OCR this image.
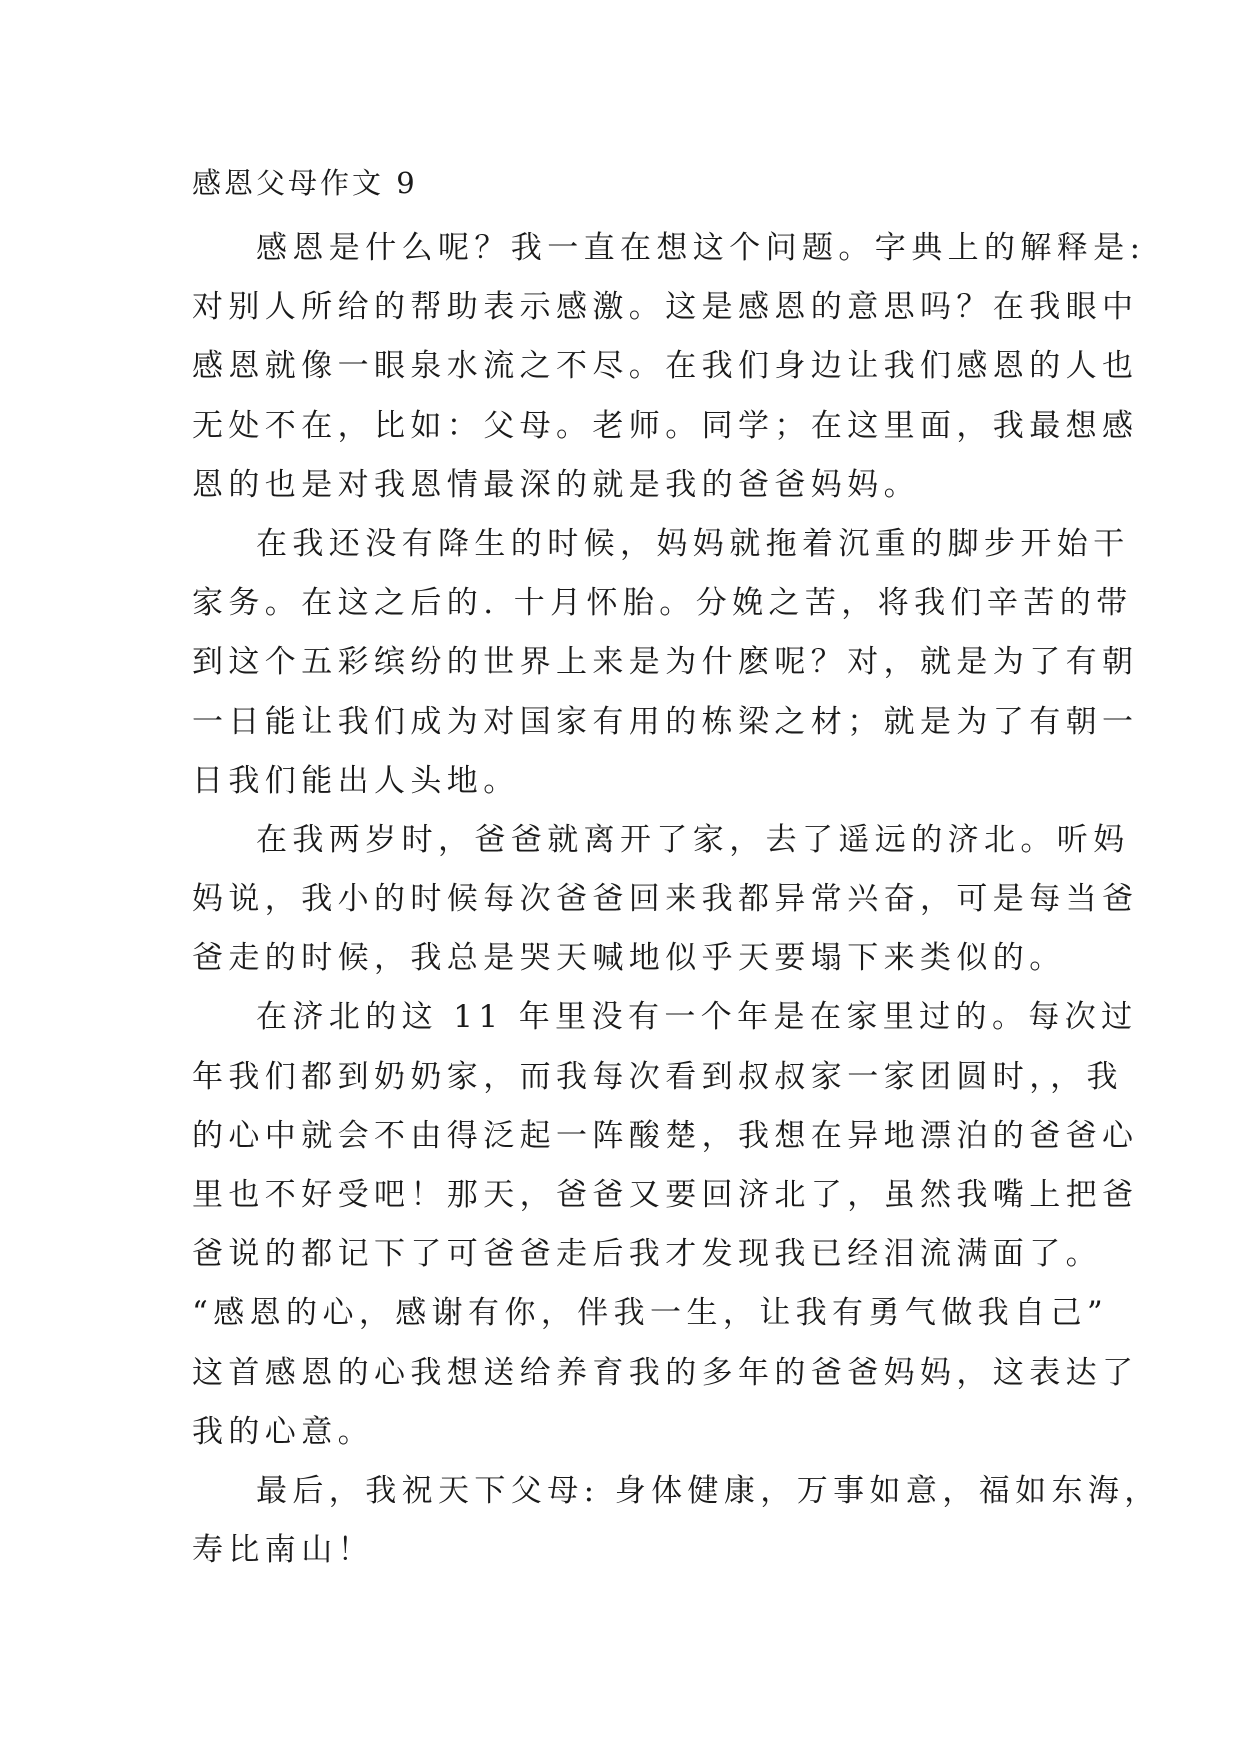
感恩父母作文 9

感恩是什么呢？我一直在想这个问题。字典上的解释是:
对别人所给的帮助表示感激。这是感恩的意思吗？在我眼中
感恩就像一眼泉水流之不尽。在我们身边让我们感恩的人也
无处不在，比如：父母。老师。同学；在这里面，我最想感
恩的也是对我恩情最深的就是我的爸爸妈妈。

在我还没有降生的时候，妈妈就拖着沉重的脚步开始干
家务。在这之后的. 十月怀胎。分娩之苦，将我们辛苦的带
到这个五彩缤纷的世界上来是为什麽呢？对，就是为了有朝
一日能让我们成为对国家有用的栋梁之材；就是为了有朝一
日我们能出人头地。

在我两岁时，爸爸就离开了家，去了遥远的济北。听妈
妈说，我小的时候每次爸爸回来我都异常兴奋，可是每当爸
爸走的时候，我总是哭天喊地似乎天要塌下来类似的。

在济北的这 11 年里没有一个年是在家里过的。每次过
年我们都到奶奶家，而我每次看到叔叔家一家团圆时，，我
的心中就会不由得泛起一阵酸楚，我想在异地漂泊的爸爸心
里也不好受吧！那天，爸爸又要回济北了，虽然我嘴上把爸
爸说的都记下了可爸爸走后我才发现我已经泪流满面了。
“感恩的心，感谢有你，伴我一生，让我有勇气做我自己”
这首感恩的心我想送给养育我的多年的爸爸妈妈，这表达了
我的心意。

最后，我祝天下父母: 身体健康，万事如意，福如东海，
寿比南山！
